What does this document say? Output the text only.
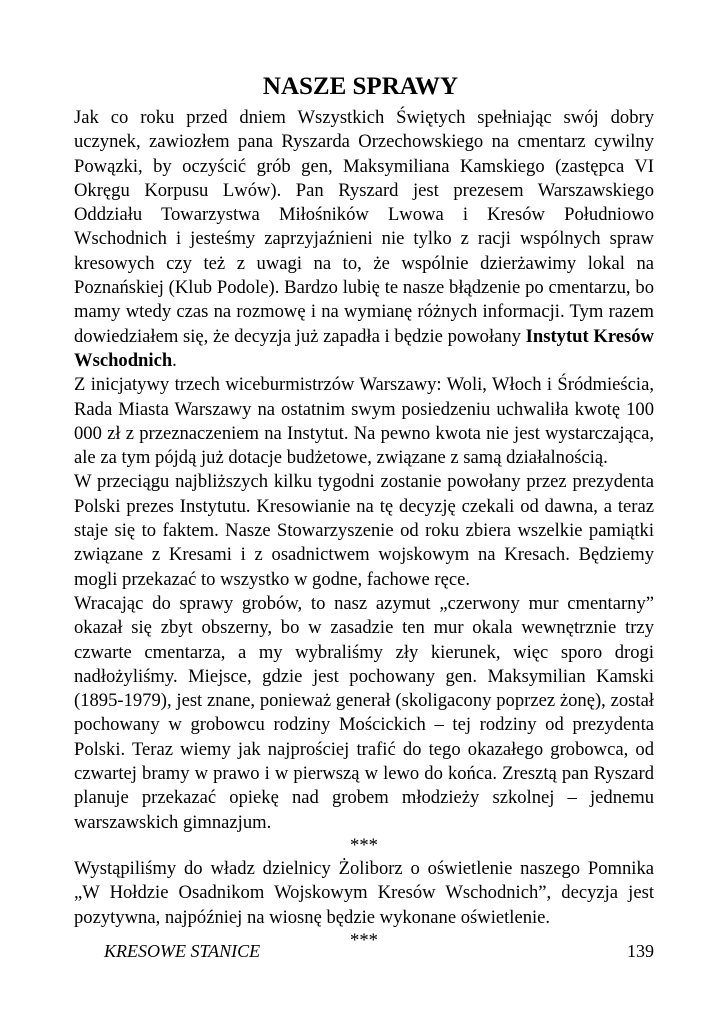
NASZE SPRAWY

Jak co roku przed dniem Wszystkich Świętych spełniając swój dobry uczynek, zawiozłem pana Ryszarda Orzechowskiego na cmentarz cywilny Powązki, by oczyścić grób gen, Maksymiliana Kamskiego (zastępca VI Okręgu Korpusu Lwów). Pan Ryszard jest prezesem Warszawskiego Oddziału Towarzystwa Miłośników Lwowa i Kresów Południowo Wschodnich i jesteśmy zaprzyjaźnieni nie tylko z racji wspólnych spraw kresowych czy też z uwagi na to, że wspólnie dzierżawimy lokal na Poznańskiej (Klub Podole). Bardzo lubię te nasze błądzenie po cmentarzu, bo mamy wtedy czas na rozmowę i na wymianę różnych informacji. Tym razem dowiedziałem się, że decyzja już zapadła i będzie powołany Instytut Kresów Wschodnich.

Z inicjatywy trzech wiceburmistrzów Warszawy: Woli, Włoch i Śródmieścia, Rada Miasta Warszawy na ostatnim swym posiedzeniu uchwaliła kwotę 100 000 zł z przeznaczeniem na Instytut. Na pewno kwota nie jest wystarczająca, ale za tym pójdą już dotacje budżetowe, związane z samą działalnością.

W przeciągu najbliższych kilku tygodni zostanie powołany przez prezydenta Polski prezes Instytutu. Kresowianie na tę decyzję czekali od dawna, a teraz staje się to faktem. Nasze Stowarzyszenie od roku zbiera wszelkie pamiątki związane z Kresami i z osadnictwem wojskowym na Kresach. Będziemy mogli przekazać to wszystko w godne, fachowe ręce.

Wracając do sprawy grobów, to nasz azymut „czerwony mur cmentarny” okazał się zbyt obszerny, bo w zasadzie ten mur okala wewnętrznie trzy czwarte cmentarza, a my wybraliśmy zły kierunek, więc sporo drogi nadłożyliśmy. Miejsce, gdzie jest pochowany gen. Maksymilian Kamski (1895-1979), jest znane, ponieważ generał (skoligacony poprzez żonę), został pochowany w grobowcu rodziny Mościckich – tej rodziny od prezydenta Polski. Teraz wiemy jak najprościej trafić do tego okazałego grobowca, od czwartej bramy w prawo i w pierwszą w lewo do końca. Zresztą pan Ryszard planuje przekazać opiekę nad grobem młodzieży szkolnej – jednemu warszawskich gimnazjum.

***

Wystąpiliśmy do władz dzielnicy Żoliborz o oświetlenie naszego Pomnika „W Hołdzie Osadnikom Wojskowym Kresów Wschodnich”, decyzja jest pozytywna, najpóźniej na wiosnę będzie wykonane oświetlenie.

***

KRESOWE STANICE	139
